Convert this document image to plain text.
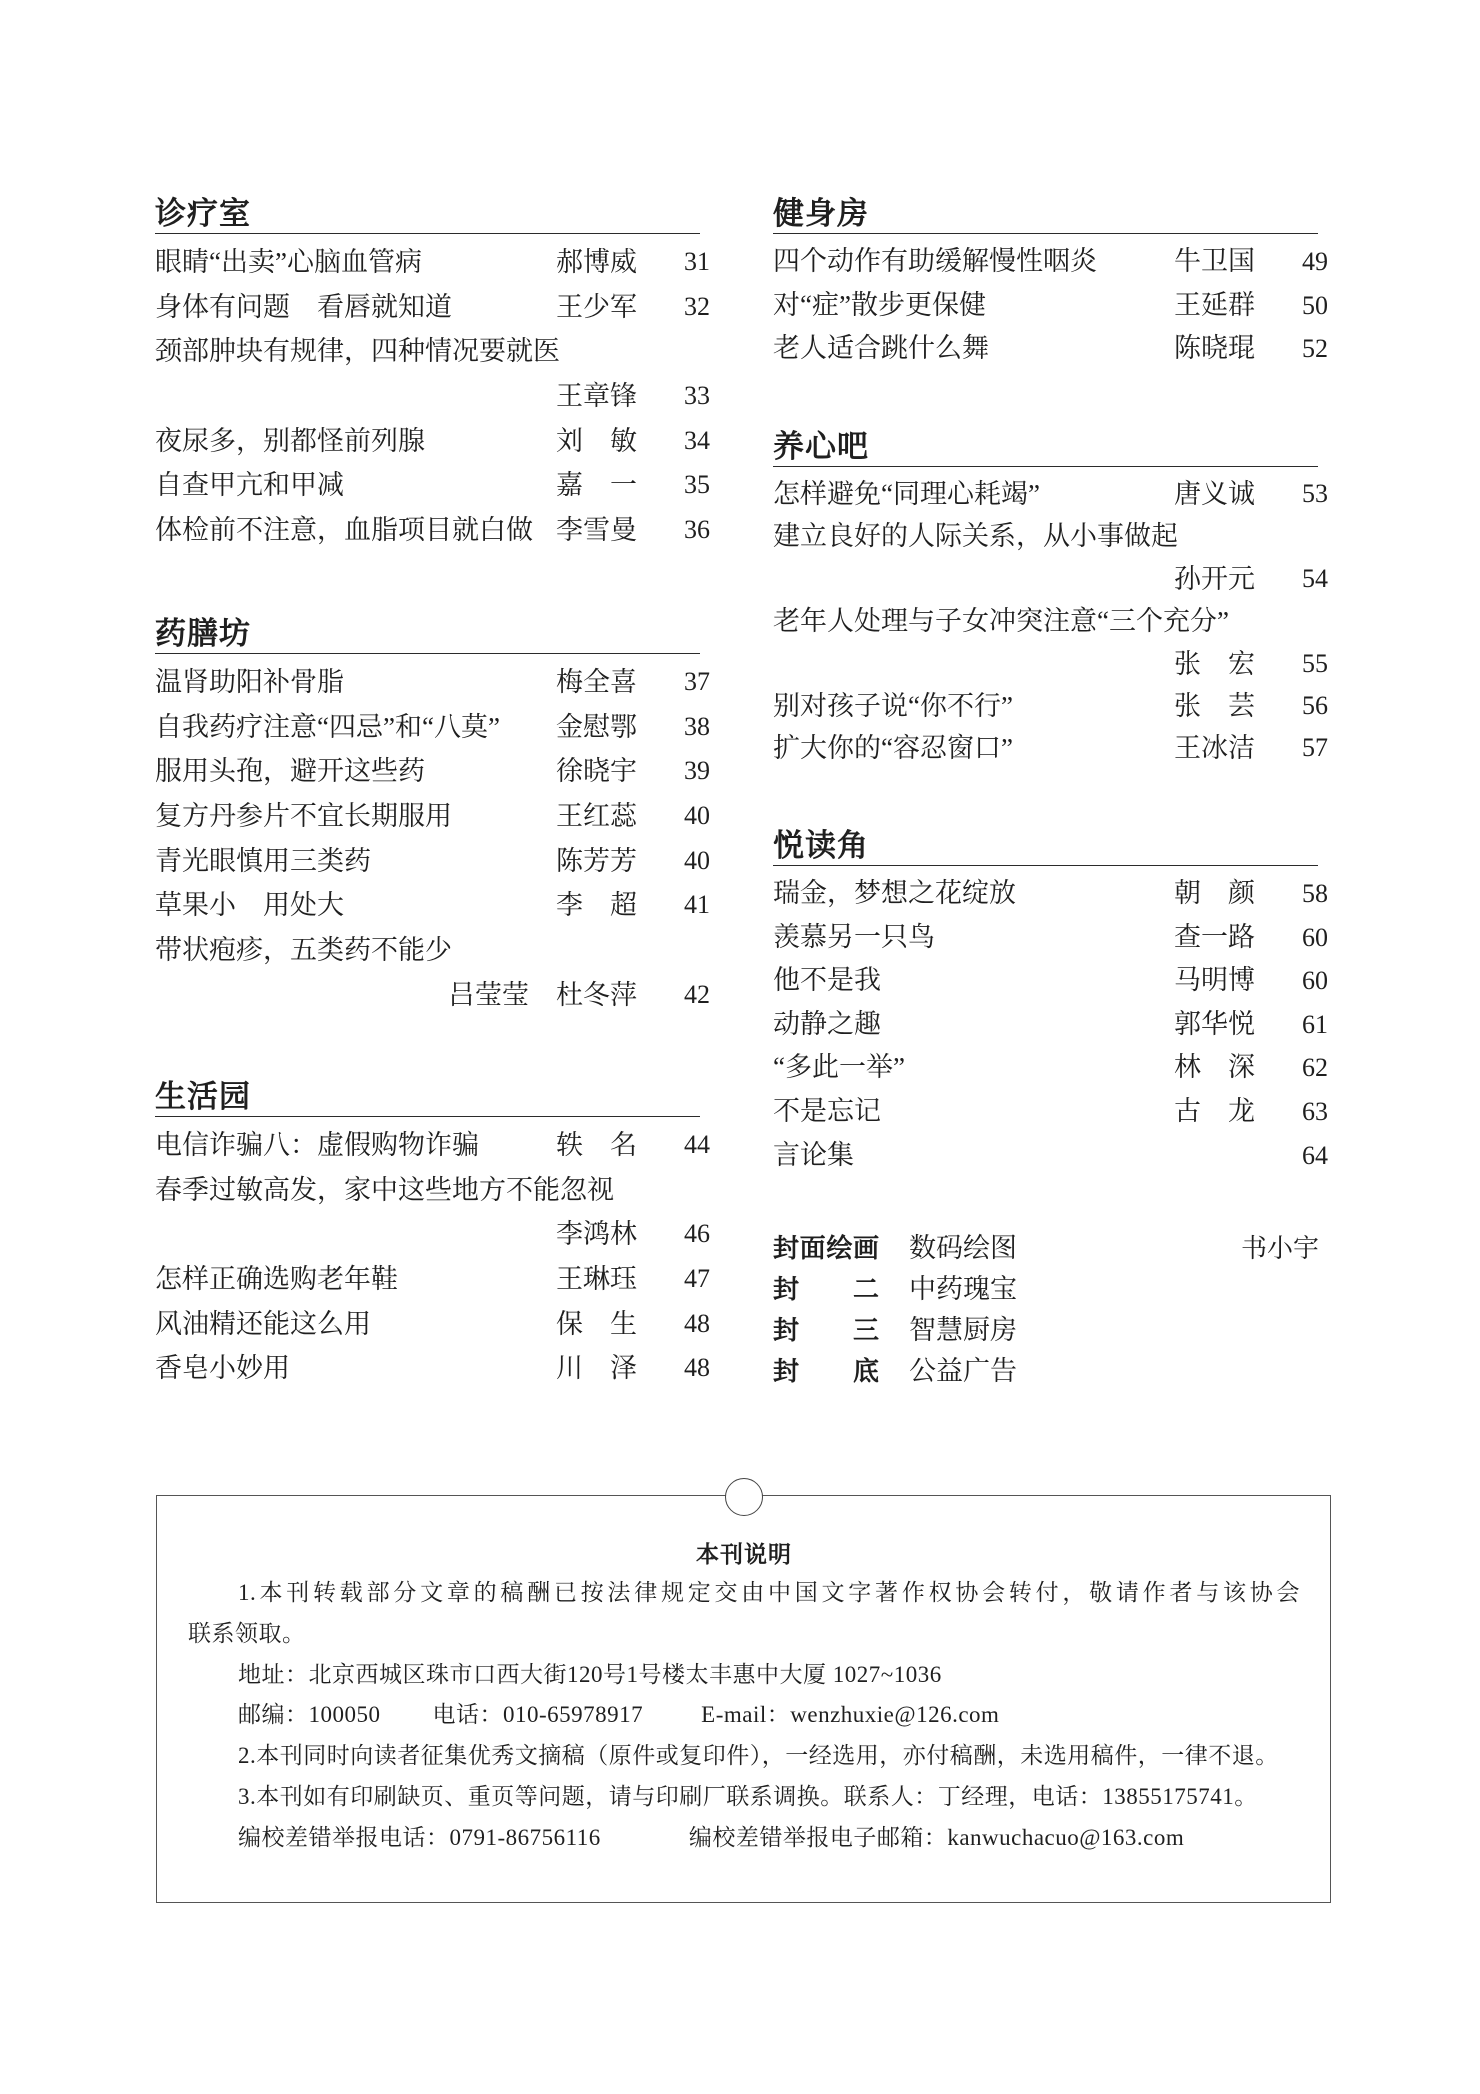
诊疗室
眼睛“出卖”心脑血管病	郝博威 31
身体有问题　看唇就知道	王少军 32
颈部肿块有规律，四种情况要就医
王章锋 33
夜尿多，别都怪前列腺	刘　敏 34
自查甲亢和甲减	嘉　一 35
体检前不注意，血脂项目就白做 李雪曼 36
药膳坊
温肾助阳补骨脂	梅全喜 37
自我药疗注意“四忌”和“八莫” 金慰鄂 38
服用头孢，避开这些药	徐晓宇 39
复方丹参片不宜长期服用	王红蕊 40
青光眼慎用三类药	陈芳芳 40
草果小　用处大	李　超 41
带状疱疹，五类药不能少
吕莹莹　杜冬萍 42
生活园
电信诈骗八：虚假购物诈骗	轶　名 44
春季过敏高发，家中这些地方不能忽视
李鸿林 46
怎样正确选购老年鞋	王琳珏 47
风油精还能这么用	保　生 48
香皂小妙用	川　泽 48
健身房
四个动作有助缓解慢性咽炎	牛卫国 49
对“症”散步更保健	王延群 50
老人适合跳什么舞	陈晓琨 52
养心吧
怎样避免“同理心耗竭”	唐义诚 53
建立良好的人际关系，从小事做起
孙开元 54
老年人处理与子女冲突注意“三个充分”
张　宏 55
别对孩子说“你不行”	张　芸 56
扩大你的“容忍窗口”	王冰洁 57
悦读角
瑞金，梦想之花绽放	朝　颜 58
羡慕另一只鸟	查一路 60
他不是我	马明博 60
动静之趣	郭华悦 61
“多此一举”	林　深 62
不是忘记	古　龙 63
言论集	64
封面绘画 数码绘图	书小宇
封　二 中药瑰宝
封　三 智慧厨房
封　底 公益广告
本刊说明
1.本刊转载部分文章的稿酬已按法律规定交由中国文字著作权协会转付，敬请作者与该协会
联系领取。
地址：北京西城区珠市口西大街120号1号楼太丰惠中大厦 1027~1036
邮编：100050 电话：010-65978917	E-mail：wenzhuxie@126.com
2.本刊同时向读者征集优秀文摘稿（原件或复印件），一经选用，亦付稿酬，未选用稿件，一律不退。
3.本刊如有印刷缺页、重页等问题，请与印刷厂联系调换。联系人：丁经理，电话：13855175741。
编校差错举报电话：0791-86756116	编校差错举报电子邮箱：kanwuchacuo@163.com
